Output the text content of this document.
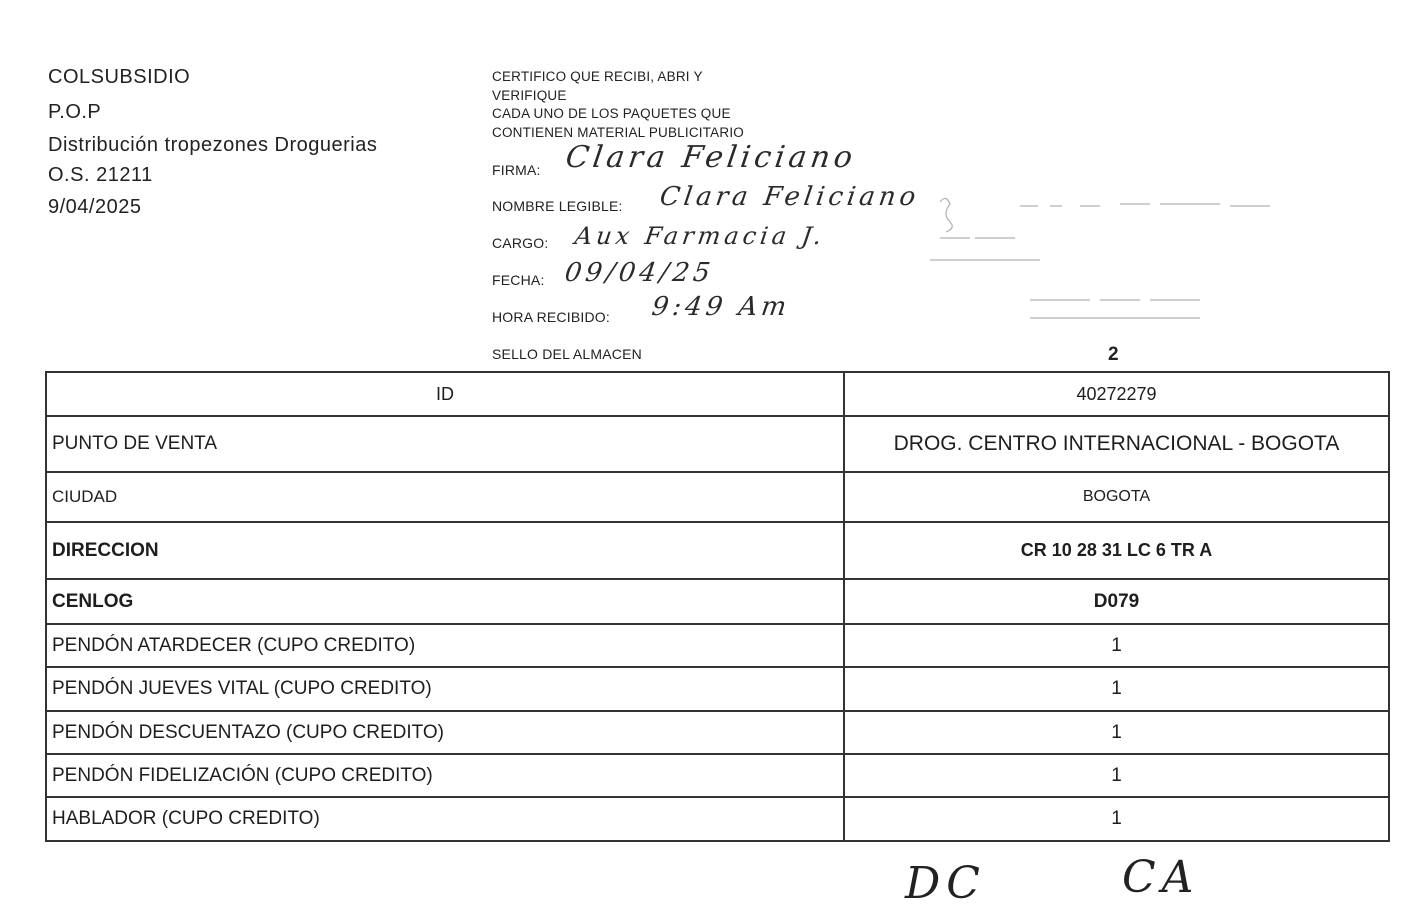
COLSUBSIDIO
P.O.P
Distribución tropezones Droguerias
O.S. 21211
9/04/2025
CERTIFICO QUE RECIBI, ABRI Y
VERIFIQUE
CADA UNO DE LOS PAQUETES QUE
CONTIENEN MATERIAL PUBLICITARIO
FIRMA: Clara Feliciano
NOMBRE LEGIBLE: Clara Feliciano
CARGO: Aux Farmacia J.
FECHA: 09/04/25
HORA RECIBIDO: 9:49 Am
SELLO DEL ALMACEN	2
ID	40272279
PUNTO DE VENTA	DROG. CENTRO INTERNACIONAL - BOGOTA
CIUDAD	BOGOTA
DIRECCION	CR 10 28 31 LC 6 TR A
CENLOG	D079
PENDÓN ATARDECER (CUPO CREDITO)	1
PENDÓN JUEVES VITAL (CUPO CREDITO)	1
PENDÓN DESCUENTAZO (CUPO CREDITO)	1
PENDÓN FIDELIZACIÓN (CUPO CREDITO)	1
HABLADOR (CUPO CREDITO)	1
DC	CA
